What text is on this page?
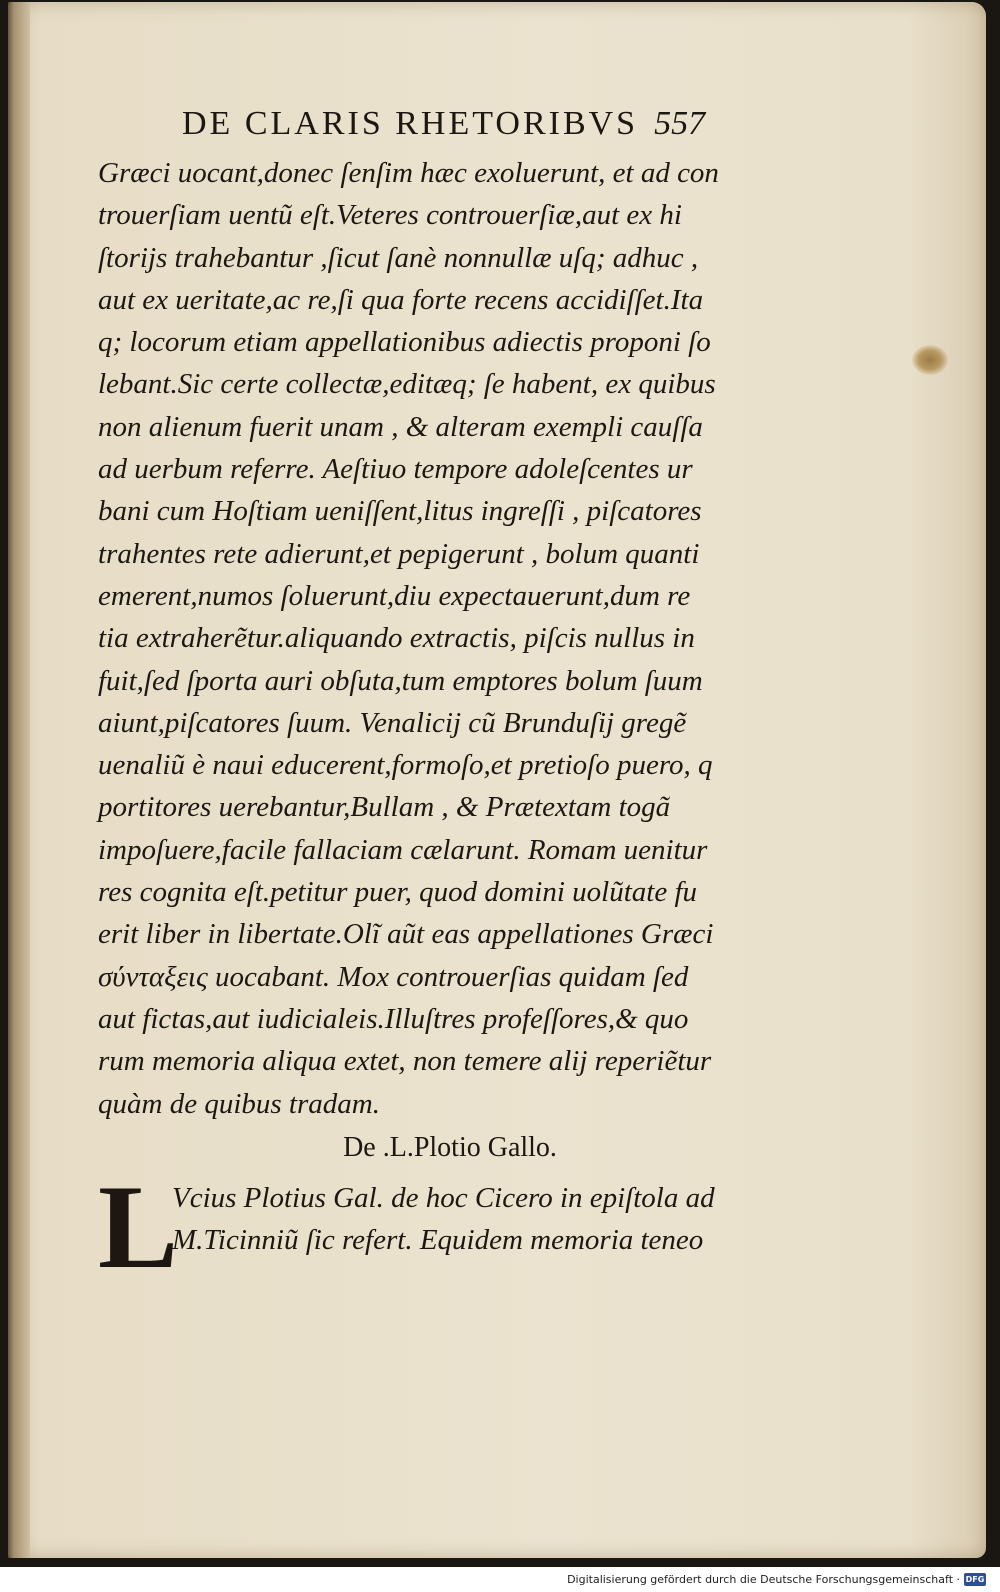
DE CLARIS RHETORIBVS 557
Græci uocant,donec ſenſim hæc exoluerunt, et ad con
trouerſiam uentũ eſt.Veteres controuerſiæ,aut ex hi
ſtorijs trahebantur ,ſicut ſanè nonnullæ uſq; adhuc ,
aut ex ueritate,ac re,ſi qua forte recens accidiſſet.Ita
q; locorum etiam appellationibus adiectis proponi ſo
lebant.Sic certe collectæ,editæq; ſe habent, ex quibus
non alienum fuerit unam , & alteram exempli cauſſa
ad uerbum referre. Aeſtiuo tempore adoleſcentes ur
bani cum Hoſtiam ueniſſent,litus ingreſſi , piſcatores
trahentes rete adierunt,et pepigerunt , bolum quanti
emerent,numos ſoluerunt,diu expectauerunt,dum re
tia extraherẽtur.aliquando extractis, piſcis nullus in
fuit,ſed ſporta auri obſuta,tum emptores bolum ſuum
aiunt,piſcatores ſuum. Venalicij cũ Brunduſij gregẽ
uenaliũ è naui educerent,formoſo,et pretioſo puero, q
portitores uerebantur,Bullam , & Prætextam togã
impoſuere,facile fallaciam cælarunt. Romam uenitur
res cognita eſt.petitur puer, quod domini uolũtate fu
erit liber in libertate.Olĩ aũt eas appellationes Græci
σύνταξεις uocabant. Mox controuerſias quidam ſed
aut fictas,aut iudicialeis.Illuſtres profeſſores,& quo
rum memoria aliqua extet, non temere alij reperiẽtur
quàm de quibus tradam.
De .L.Plotio Gallo.
L
Vcius Plotius Gal. de hoc Cicero in epiſtola ad
M.Ticinniũ ſic refert. Equidem memoria teneo
Digitalisierung gefördert durch die Deutsche Forschungsgemeinschaft · DFG
